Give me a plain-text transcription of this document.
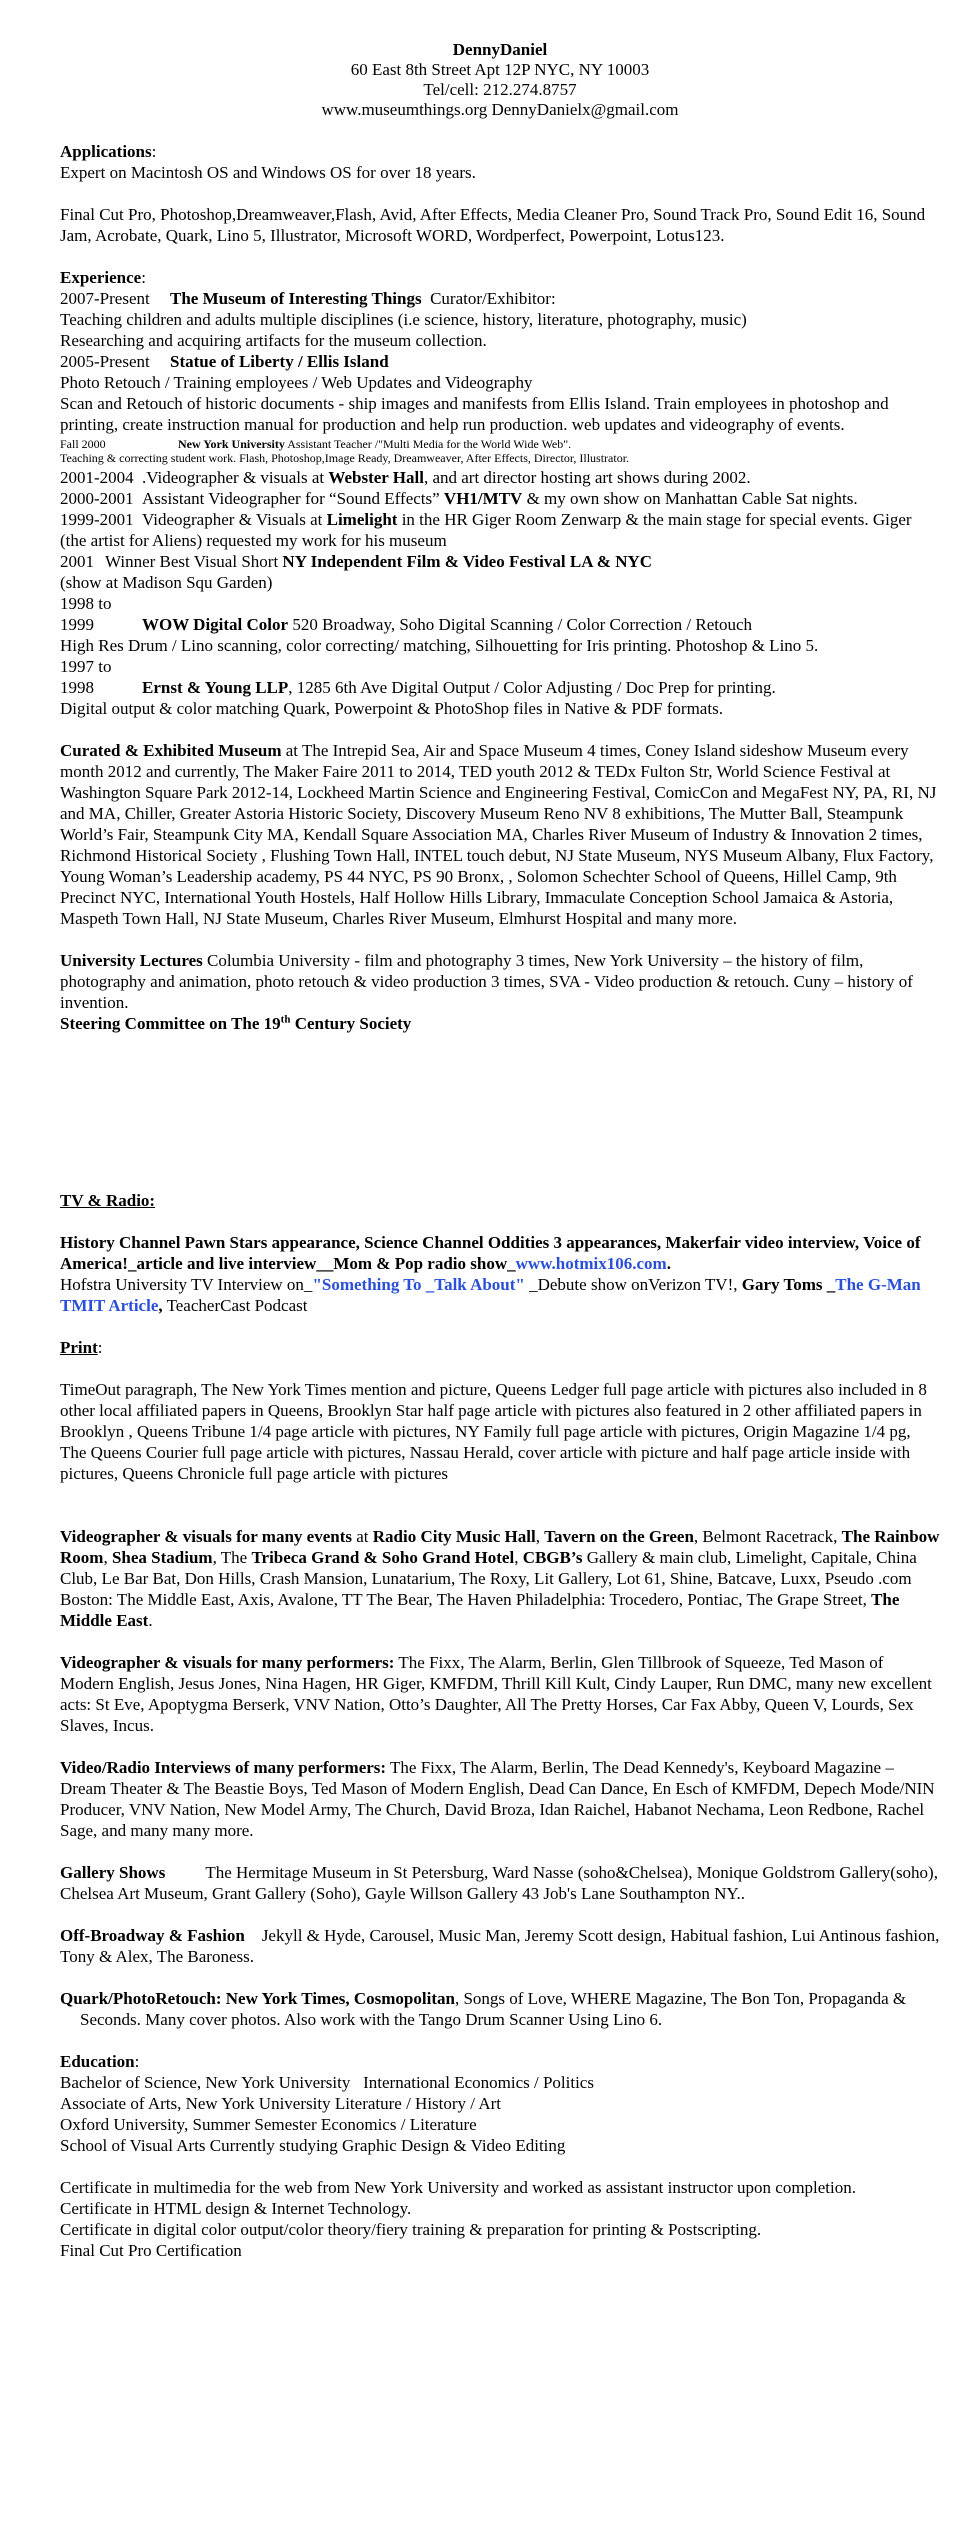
DennyDaniel
60 East 8th Street Apt 12P NYC, NY 10003
Tel/cell: 212.274.8757
www.museumthings.org DennyDanielx@gmail.com

Applications:

Expert on Macintosh OS and Windows OS for over 18 years.

Final Cut Pro, Photoshop,Dreamweaver,Flash, Avid, After Effects, Media Cleaner Pro, Sound Track Pro, Sound Edit 16, Sound Jam, Acrobate, Quark, Lino 5, Illustrator, Microsoft WORD, Wordperfect, Powerpoint, Lotus123.

Experience:

2007-Present The Museum of Interesting Things Curator/Exhibitor:

Teaching children and adults multiple disciplines (i.e science, history, literature, photography, music)

Researching and acquiring artifacts for the museum collection.

2005-Present Statue of Liberty / Ellis Island

Photo Retouch / Training employees / Web Updates and Videography

Scan and Retouch of historic documents - ship images and manifests from Ellis Island. Train employees in photoshop and printing, create instruction manual for production and help run production. web updates and videography of events.

Fall 2000	New York University Assistant Teacher /"Multi Media for the World Wide Web".

Teaching & correcting student work. Flash, Photoshop,Image Ready, Dreamweaver, After Effects, Director, Illustrator.

2001-2004 .Videographer & visuals at Webster Hall, and art director hosting art shows during 2002.

2000-2001 Assistant Videographer for “Sound Effects” VH1/MTV & my own show on Manhattan Cable Sat nights.

1999-2001 Videographer & Visuals at Limelight in the HR Giger Room Zenwarp & the main stage for special events. Giger (the artist for Aliens) requested my work for his museum

2001 Winner Best Visual Short NY Independent Film & Video Festival LA & NYC

(show at Madison Squ Garden)

1998 to 1999	WOW Digital Color 520 Broadway, Soho Digital Scanning / Color Correction / Retouch

High Res Drum / Lino scanning, color correcting/ matching, Silhouetting for Iris printing. Photoshop & Lino 5.

1997 to 1998	Ernst & Young LLP, 1285 6th Ave Digital Output / Color Adjusting / Doc Prep for printing.

Digital output & color matching Quark, Powerpoint & PhotoShop files in Native & PDF formats.

Curated & Exhibited Museum at The Intrepid Sea, Air and Space Museum 4 times, Coney Island sideshow Museum every month 2012 and currently, The Maker Faire 2011 to 2014, TED youth 2012 & TEDx Fulton Str, World Science Festival at Washington Square Park 2012-14, Lockheed Martin Science and Engineering Festival, ComicCon and MegaFest NY, PA, RI, NJ and MA, Chiller, Greater Astoria Historic Society, Discovery Museum Reno NV 8 exhibitions, The Mutter Ball, Steampunk World’s Fair, Steampunk City MA, Kendall Square Association MA, Charles River Museum of Industry & Innovation 2 times, Richmond Historical Society , Flushing Town Hall, INTEL touch debut, NJ State Museum, NYS Museum Albany, Flux Factory, Young Woman’s Leadership academy, PS 44 NYC, PS 90 Bronx, , Solomon Schechter School of Queens, Hillel Camp, 9th Precinct NYC, International Youth Hostels, Half Hollow Hills Library, Immaculate Conception School Jamaica & Astoria, Maspeth Town Hall, NJ State Museum, Charles River Museum, Elmhurst Hospital and many more.

University Lectures Columbia University - film and photography 3 times, New York University – the history of film, photography and animation, photo retouch & video production 3 times, SVA - Video production & retouch. Cuny – history of invention.

Steering Committee on The 19th Century Society

TV & Radio:

History Channel Pawn Stars appearance, Science Channel Oddities 3 appearances, Makerfair video interview, Voice of America!_article and live interview__Mom & Pop radio show_www.hotmix106.com.

Hofstra University TV Interview on_"Something To _Talk About" _Debute show onVerizon TV!, Gary Toms _The G-Man TMIT Article, TeacherCast Podcast

Print:

TimeOut paragraph, The New York Times mention and picture, Queens Ledger full page article with pictures also included in 8 other local affiliated papers in Queens, Brooklyn Star half page article with pictures also featured in 2 other affiliated papers in Brooklyn , Queens Tribune 1/4 page article with pictures, NY Family full page article with pictures, Origin Magazine 1/4 pg, The Queens Courier full page article with pictures, Nassau Herald, cover article with picture and half page article inside with pictures, Queens Chronicle full page article with pictures

Videographer & visuals for many events at Radio City Music Hall, Tavern on the Green, Belmont Racetrack, The Rainbow Room, Shea Stadium, The Tribeca Grand & Soho Grand Hotel, CBGB’s Gallery & main club, Limelight, Capitale, China Club, Le Bar Bat, Don Hills, Crash Mansion, Lunatarium, The Roxy, Lit Gallery, Lot 61, Shine, Batcave, Luxx, Pseudo .com

Boston: The Middle East, Axis, Avalone, TT The Bear, The Haven Philadelphia: Trocedero, Pontiac, The Grape Street, The Middle East.

Videographer & visuals for many performers: The Fixx, The Alarm, Berlin, Glen Tillbrook of Squeeze, Ted Mason of Modern English, Jesus Jones, Nina Hagen, HR Giger, KMFDM, Thrill Kill Kult, Cindy Lauper, Run DMC, many new excellent acts: St Eve, Apoptygma Berserk, VNV Nation, Otto’s Daughter, All The Pretty Horses, Car Fax Abby, Queen V, Lourds, Sex Slaves, Incus.

Video/Radio Interviews of many performers: The Fixx, The Alarm, Berlin, The Dead Kennedy's, Keyboard Magazine – Dream Theater & The Beastie Boys, Ted Mason of Modern English, Dead Can Dance, En Esch of KMFDM, Depech Mode/NIN Producer, VNV Nation, New Model Army, The Church, David Broza, Idan Raichel, Habanot Nechama, Leon Redbone, Rachel Sage, and many many more.

Gallery Shows The Hermitage Museum in St Petersburg, Ward Nasse (soho&Chelsea), Monique Goldstrom Gallery(soho), Chelsea Art Museum, Grant Gallery (Soho), Gayle Willson Gallery 43 Job's Lane Southampton NY..

Off-Broadway & Fashion    Jekyll & Hyde, Carousel, Music Man, Jeremy Scott design, Habitual fashion, Lui Antinous fashion, Tony & Alex, The Baroness.

Quark/PhotoRetouch: New York Times, Cosmopolitan, Songs of Love, WHERE Magazine, The Bon Ton, Propaganda & Seconds. Many cover photos. Also work with the Tango Drum Scanner Using Lino 6.

Education:

Bachelor of Science, New York University   International Economics / Politics

Associate of Arts, New York University Literature / History / Art

Oxford University, Summer Semester Economics / Literature

School of Visual Arts Currently studying Graphic Design & Video Editing

Certificate in multimedia for the web from New York University and worked as assistant instructor upon completion.

Certificate in HTML design & Internet Technology.

Certificate in digital color output/color theory/fiery training & preparation for printing & Postscripting.

Final Cut Pro Certification
